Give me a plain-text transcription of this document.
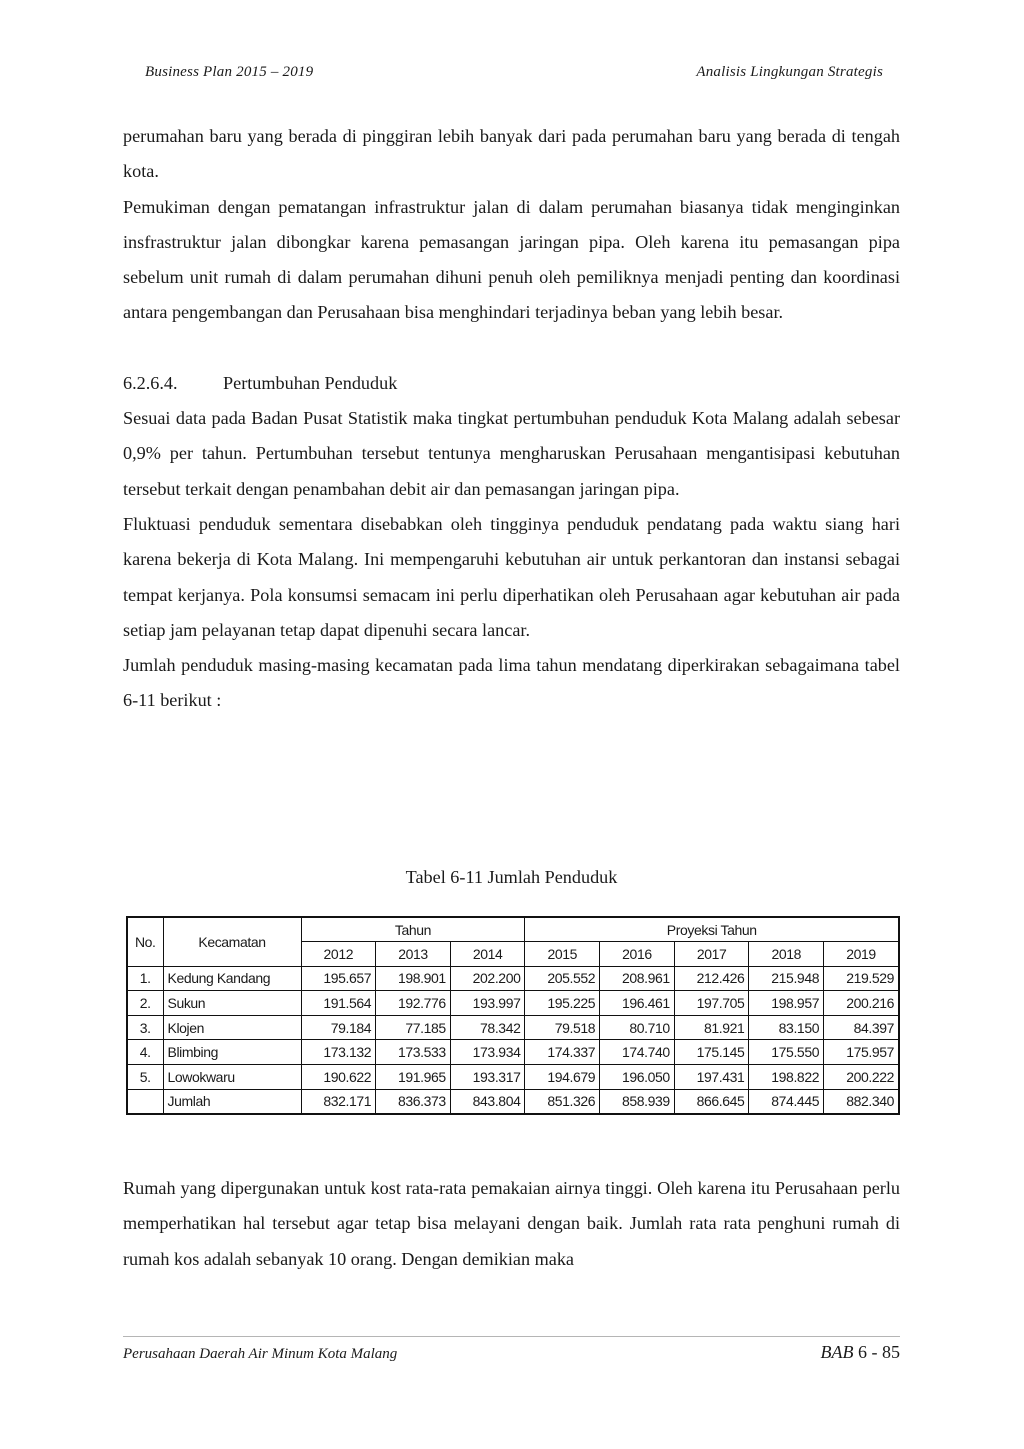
Business Plan 2015 – 2019	Analisis Lingkungan Strategis

perumahan baru yang berada di pinggiran lebih banyak dari pada perumahan baru yang berada di tengah kota.

Pemukiman dengan pematangan infrastruktur jalan di dalam perumahan biasanya tidak menginginkan insfrastruktur jalan dibongkar karena pemasangan jaringan pipa. Oleh karena itu pemasangan pipa sebelum unit rumah di dalam perumahan dihuni penuh oleh pemiliknya menjadi penting dan koordinasi antara pengembangan dan Perusahaan bisa menghindari terjadinya beban yang lebih besar.

6.2.6.4.	Pertumbuhan Penduduk

Sesuai data pada Badan Pusat Statistik maka tingkat pertumbuhan penduduk Kota Malang adalah sebesar 0,9% per tahun. Pertumbuhan tersebut tentunya mengharuskan Perusahaan mengantisipasi kebutuhan tersebut terkait dengan penambahan debit air dan pemasangan jaringan pipa.

Fluktuasi penduduk sementara disebabkan oleh tingginya penduduk pendatang pada waktu siang hari karena bekerja di Kota Malang. Ini mempengaruhi kebutuhan air untuk perkantoran dan instansi sebagai tempat kerjanya. Pola konsumsi semacam ini perlu diperhatikan oleh Perusahaan agar kebutuhan air pada setiap jam pelayanan tetap dapat dipenuhi secara lancar.

Jumlah penduduk masing-masing kecamatan pada lima tahun mendatang diperkirakan sebagaimana tabel 6-11 berikut :

Tabel 6-11 Jumlah Penduduk
No.	Kecamatan	Tahun			Proyeksi Tahun				
		2012	2013	2014	2015	2016	2017	2018	2019
1.	Kedung Kandang	195.657	198.901	202.200	205.552	208.961	212.426	215.948	219.529
2.	Sukun	191.564	192.776	193.997	195.225	196.461	197.705	198.957	200.216
3.	Klojen	79.184	77.185	78.342	79.518	80.710	81.921	83.150	84.397
4.	Blimbing	173.132	173.533	173.934	174.337	174.740	175.145	175.550	175.957
5.	Lowokwaru	190.622	191.965	193.317	194.679	196.050	197.431	198.822	200.222
	Jumlah	832.171	836.373	843.804	851.326	858.939	866.645	874.445	882.340

Rumah yang dipergunakan untuk kost rata-rata pemakaian airnya tinggi. Oleh karena itu Perusahaan perlu memperhatikan hal tersebut agar tetap bisa melayani dengan baik. Jumlah rata rata penghuni rumah di rumah kos adalah sebanyak 10 orang. Dengan demikian maka

Perusahaan Daerah Air Minum Kota Malang	BAB 6 - 85
